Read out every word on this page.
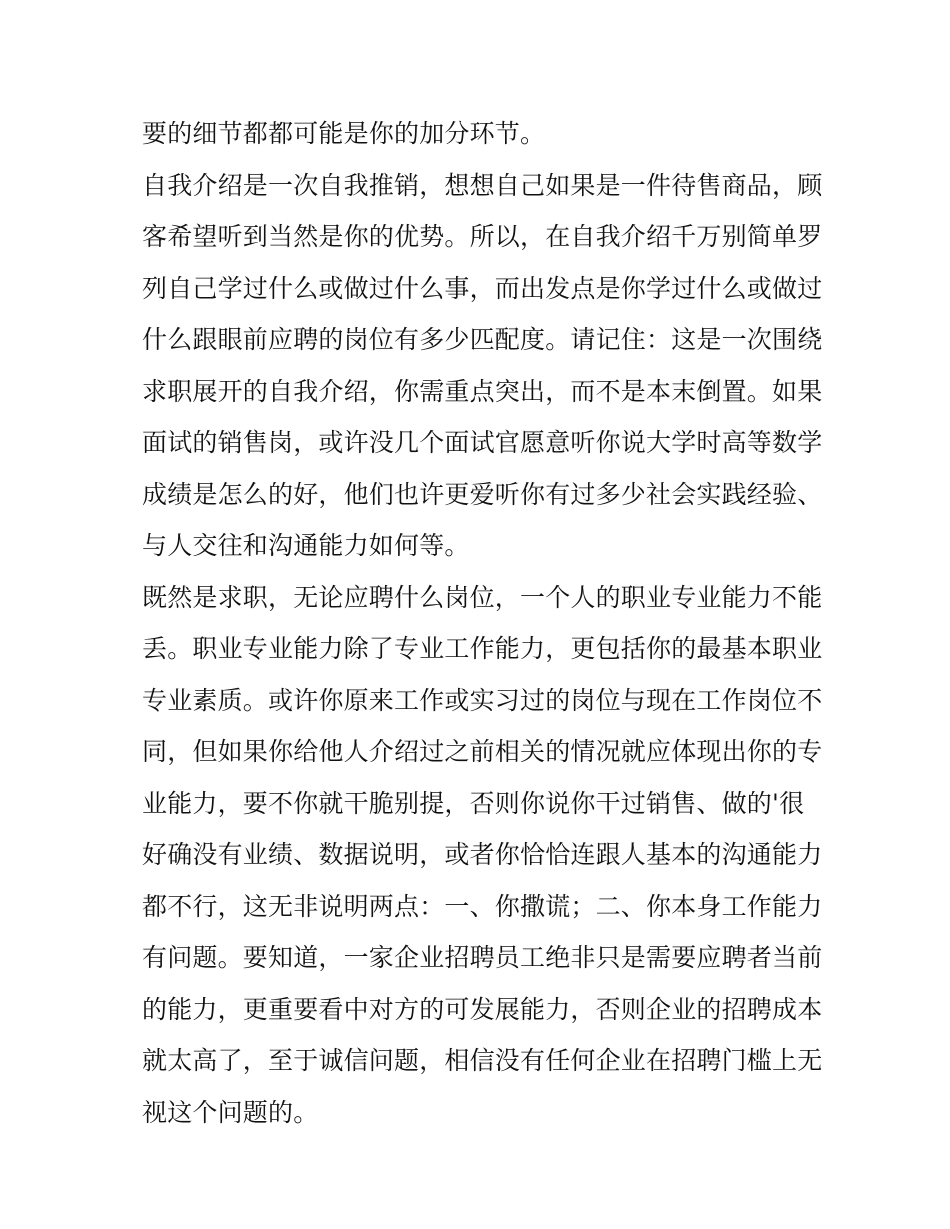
要的细节都都可能是你的加分环节。
自我介绍是一次自我推销，想想自己如果是一件待售商品，顾
客希望听到当然是你的优势。所以，在自我介绍千万别简单罗
列自己学过什么或做过什么事，而出发点是你学过什么或做过
什么跟眼前应聘的岗位有多少匹配度。请记住：这是一次围绕
求职展开的自我介绍，你需重点突出，而不是本末倒置。如果
面试的销售岗，或许没几个面试官愿意听你说大学时高等数学
成绩是怎么的好，他们也许更爱听你有过多少社会实践经验、
与人交往和沟通能力如何等。
既然是求职，无论应聘什么岗位，一个人的职业专业能力不能
丢。职业专业能力除了专业工作能力，更包括你的最基本职业
专业素质。或许你原来工作或实习过的岗位与现在工作岗位不
同，但如果你给他人介绍过之前相关的情况就应体现出你的专
业能力，要不你就干脆别提，否则你说你干过销售、做的'很
好确没有业绩、数据说明，或者你恰恰连跟人基本的沟通能力
都不行，这无非说明两点：一、你撒谎；二、你本身工作能力
有问题。要知道，一家企业招聘员工绝非只是需要应聘者当前
的能力，更重要看中对方的可发展能力，否则企业的招聘成本
就太高了，至于诚信问题，相信没有任何企业在招聘门槛上无
视这个问题的。
